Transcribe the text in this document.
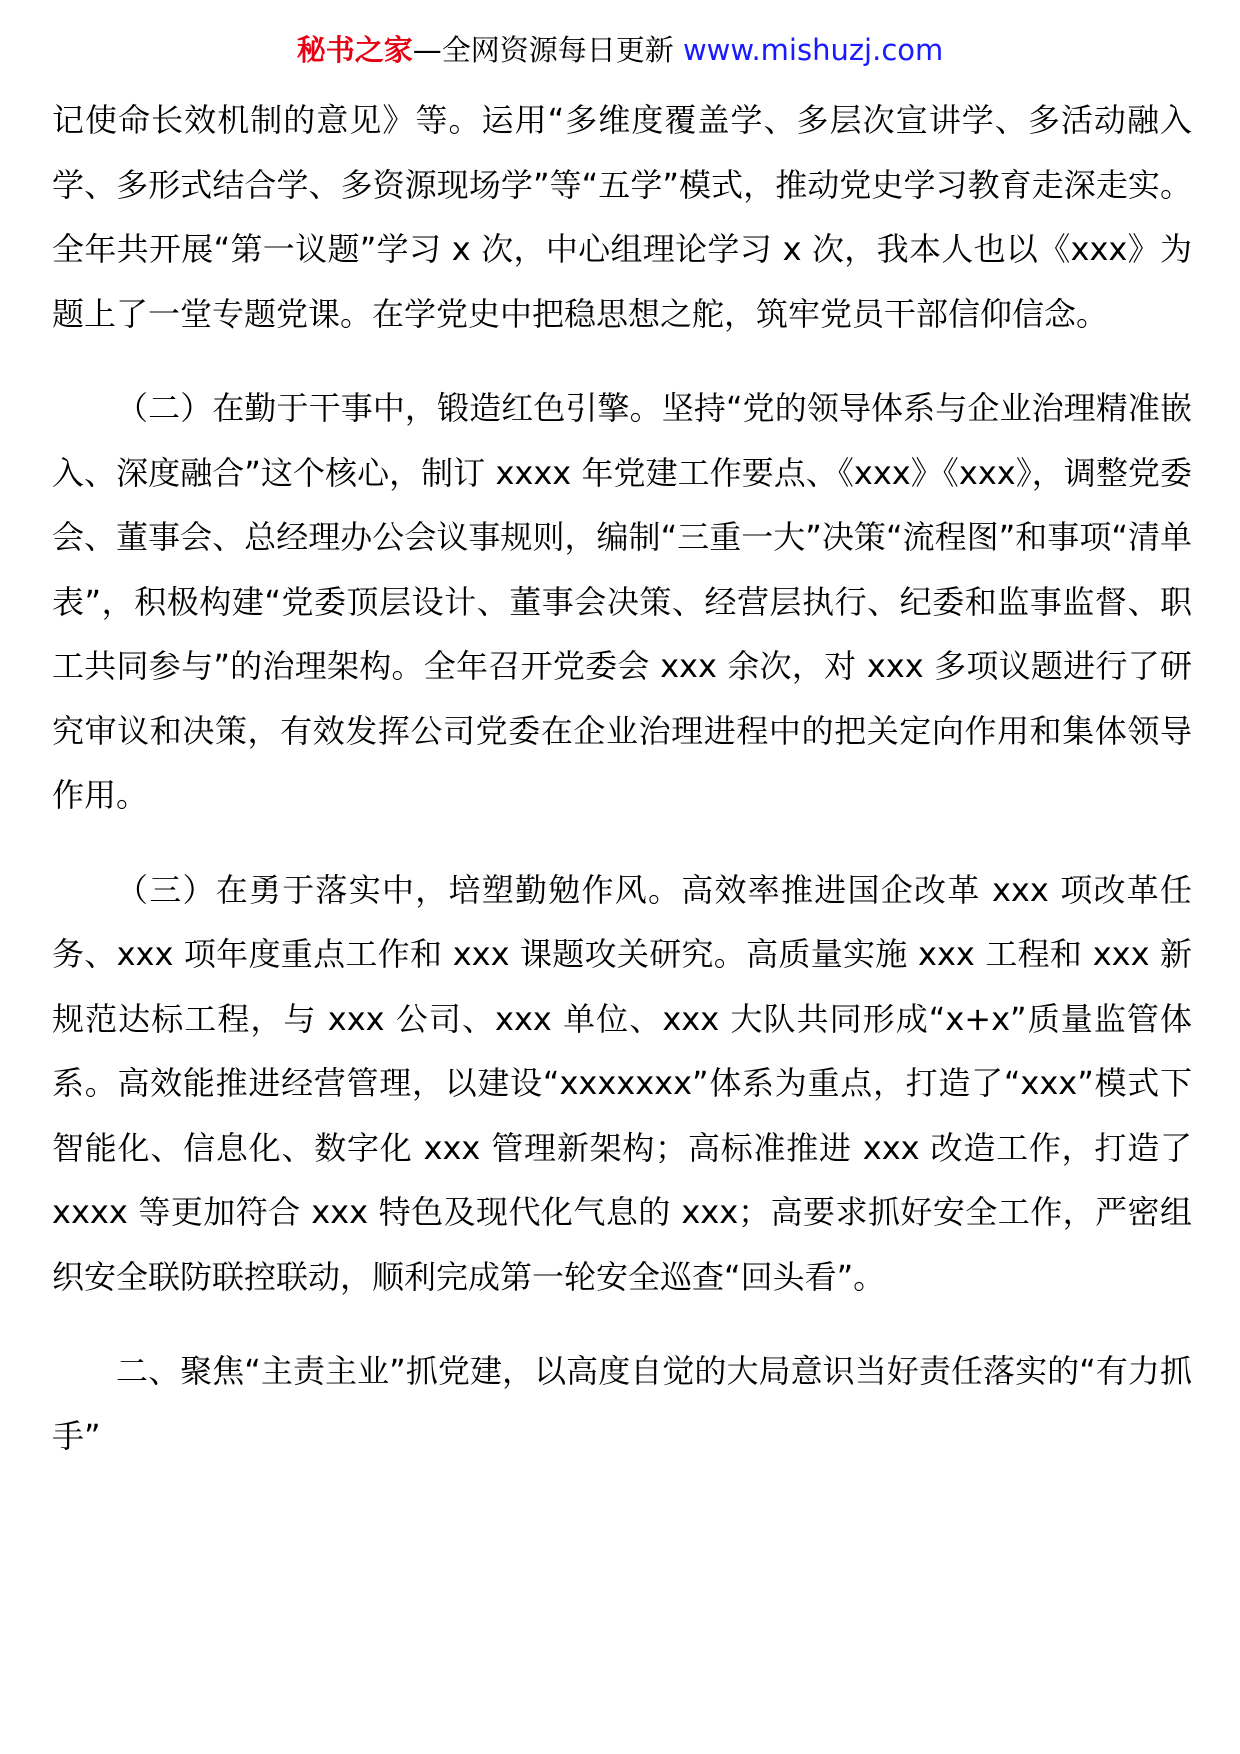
秘书之家—全网资源每日更新 www.mishuzj.com

记使命长效机制的意见》等。运用“多维度覆盖学、多层次宣讲学、多活动融入学、多形式结合学、多资源现场学”等“五学”模式，推动党史学习教育走深走实。全年共开展“第一议题”学习 x 次，中心组理论学习 x 次，我本人也以《xxx》为题上了一堂专题党课。在学党史中把稳思想之舵，筑牢党员干部信仰信念。

（二）在勤于干事中，锻造红色引擎。坚持“党的领导体系与企业治理精准嵌入、深度融合”这个核心，制订 xxxx 年党建工作要点、《xxx》《xxx》，调整党委会、董事会、总经理办公会议事规则，编制“三重一大”决策“流程图”和事项“清单表”，积极构建“党委顶层设计、董事会决策、经营层执行、纪委和监事监督、职工共同参与”的治理架构。全年召开党委会 xxx 余次，对 xxx 多项议题进行了研究审议和决策，有效发挥公司党委在企业治理进程中的把关定向作用和集体领导作用。

（三）在勇于落实中，培塑勤勉作风。高效率推进国企改革 xxx 项改革任务、xxx 项年度重点工作和 xxx 课题攻关研究。高质量实施 xxx 工程和 xxx 新规范达标工程，与 xxx 公司、xxx 单位、xxx 大队共同形成“x+x”质量监管体系。高效能推进经营管理，以建设“xxxxxxx”体系为重点，打造了“xxx”模式下智能化、信息化、数字化 xxx 管理新架构；高标准推进 xxx 改造工作，打造了 xxxx 等更加符合 xxx 特色及现代化气息的 xxx；高要求抓好安全工作，严密组织安全联防联控联动，顺利完成第一轮安全巡查“回头看”。

二、聚焦“主责主业”抓党建，以高度自觉的大局意识当好责任落实的“有力抓手”
